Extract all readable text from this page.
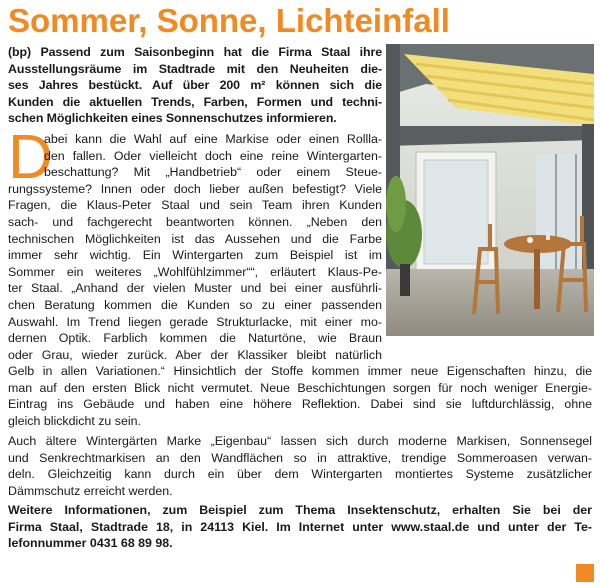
Sommer, Sonne, Lichteinfall

(bp) Passend zum Saisonbeginn hat die Firma Staal ihre
Ausstellungsräume im Stadtrade mit den Neuheiten die-
ses Jahres bestückt. Auf über 200 m² können sich die
Kunden die aktuellen Trends, Farben, Formen und techni-
schen Möglichkeiten eines Sonnenschutzes informieren.

D
abei kann die Wahl auf eine Markise oder einen Rollla-
den fallen. Oder vielleicht doch eine reine Wintergarten-
beschattung? Mit „Handbetrieb“ oder einem Steue-
rungssysteme? Innen oder doch lieber außen befestigt? Viele
Fragen, die Klaus-Peter Staal und sein Team ihren Kunden
sach- und fachgerecht beantworten können. „Neben den
technischen Möglichkeiten ist das Aussehen und die Farbe
immer sehr wichtig. Ein Wintergarten zum Beispiel ist im
Sommer ein weiteres „Wohlfühlzimmer““, erläutert Klaus-Pe-
ter Staal. „Anhand der vielen Muster und bei einer ausführli-
chen Beratung kommen die Kunden so zu einer passenden
Auswahl. Im Trend liegen gerade Strukturlacke, mit einer mo-
dernen Optik. Farblich kommen die Naturtöne, wie Braun
oder Grau, wieder zurück. Aber der Klassiker bleibt natürlich
Gelb in allen Variationen.“ Hinsichtlich der Stoffe kommen immer neue Eigenschaften hinzu, die
man auf den ersten Blick nicht vermutet. Neue Beschichtungen sorgen für noch weniger Energie-
Eintrag ins Gebäude und haben eine höhere Reflektion. Dabei sind sie luftdurchlässig, ohne
gleich blickdicht zu sein.
Auch ältere Wintergärten Marke „Eigenbau“ lassen sich durch moderne Markisen, Sonnensegel
und Senkrechtmarkisen an den Wandflächen so in attraktive, trendige Sommeroasen verwan-
deln. Gleichzeitig kann durch ein über dem Wintergarten montiertes Systeme zusätzlicher
Dämmschutz erreicht werden.
Weitere Informationen, zum Beispiel zum Thema Insektenschutz, erhalten Sie bei der
Firma Staal, Stadtrade 18, in 24113 Kiel. Im Internet unter www.staal.de und unter der Te-
lefonnummer 0431 68 89 98.
